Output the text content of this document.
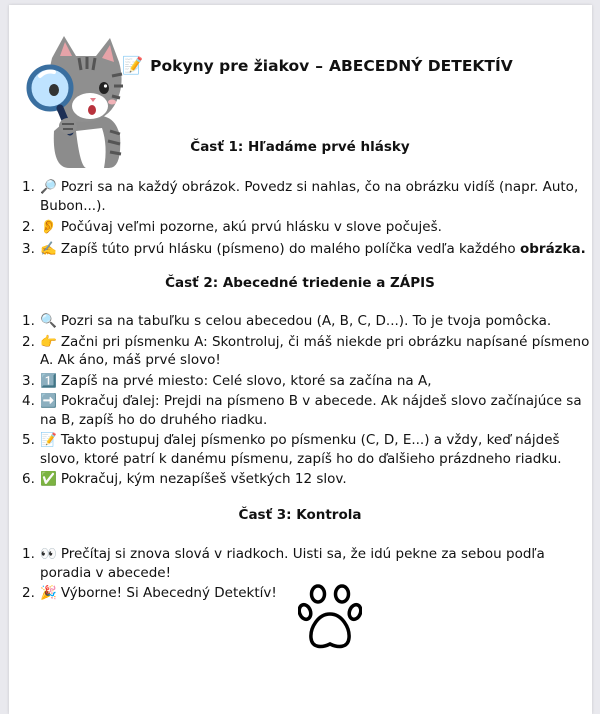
📝 Pokyny pre žiakov – ABECEDNÝ DETEKTÍV
Časť 1: Hľadáme prvé hlásky
1. 🔎 Pozri sa na každý obrázok. Povedz si nahlas, čo na obrázku vidíš (napr. Auto, Bubon...).
2. 👂 Počúvaj veľmi pozorne, akú prvú hlásku v slove počuješ.
3. ✍️ Zapíš túto prvú hlásku (písmeno) do malého políčka vedľa každého obrázka.
Časť 2: Abecedné triedenie a ZÁPIS
1. 🔍 Pozri sa na tabuľku s celou abecedou (A, B, C, D...). To je tvoja pomôcka.
2. 👉 Začni pri písmenku A: Skontroluj, či máš niekde pri obrázku napísané písmeno A. Ak áno, máš prvé slovo!
3. 1️⃣ Zapíš na prvé miesto: Celé slovo, ktoré sa začína na A,
4. ➡️ Pokračuj ďalej: Prejdi na písmeno B v abecede. Ak nájdeš slovo začínajúce sa na B, zapíš ho do druhého riadku.
5. 📝 Takto postupuj ďalej písmenko po písmenku (C, D, E...) a vždy, keď nájdeš slovo, ktoré patrí k danému písmenu, zapíš ho do ďalšieho prázdneho riadku.
6. ✅ Pokračuj, kým nezapíšeš všetkých 12 slov.
Časť 3: Kontrola
1. 👀 Prečítaj si znova slová v riadkoch. Uisti sa, že idú pekne za sebou podľa poradia v abecede!
2. 🎉 Výborne! Si Abecedný Detektív!
